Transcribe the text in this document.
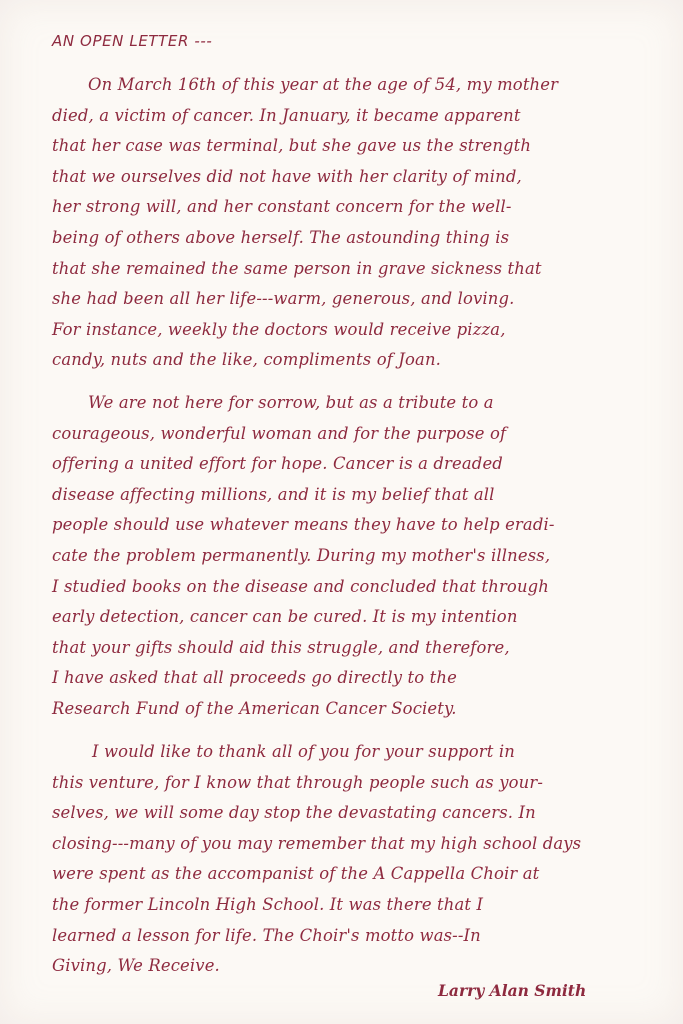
AN OPEN LETTER ---
On March 16th of this year at the age of 54, my mother
died, a victim of cancer. In January, it became apparent
that her case was terminal, but she gave us the strength
that we ourselves did not have with her clarity of mind,
her strong will, and her constant concern for the well-
being of others above herself. The astounding thing is
that she remained the same person in grave sickness that
she had been all her life---warm, generous, and loving.
For instance, weekly the doctors would receive pizza,
candy, nuts and the like, compliments of Joan.
We are not here for sorrow, but as a tribute to a
courageous, wonderful woman and for the purpose of
offering a united effort for hope. Cancer is a dreaded
disease affecting millions, and it is my belief that all
people should use whatever means they have to help eradi-
cate the problem permanently. During my mother's illness,
I studied books on the disease and concluded that through
early detection, cancer can be cured. It is my intention
that your gifts should aid this struggle, and therefore,
I have asked that all proceeds go directly to the
Research Fund of the American Cancer Society.
I would like to thank all of you for your support in
this venture, for I know that through people such as your-
selves, we will some day stop the devastating cancers. In
closing---many of you may remember that my high school days
were spent as the accompanist of the A Cappella Choir at
the former Lincoln High School. It was there that I
learned a lesson for life. The Choir's motto was--In
Giving, We Receive.
Larry Alan Smith
